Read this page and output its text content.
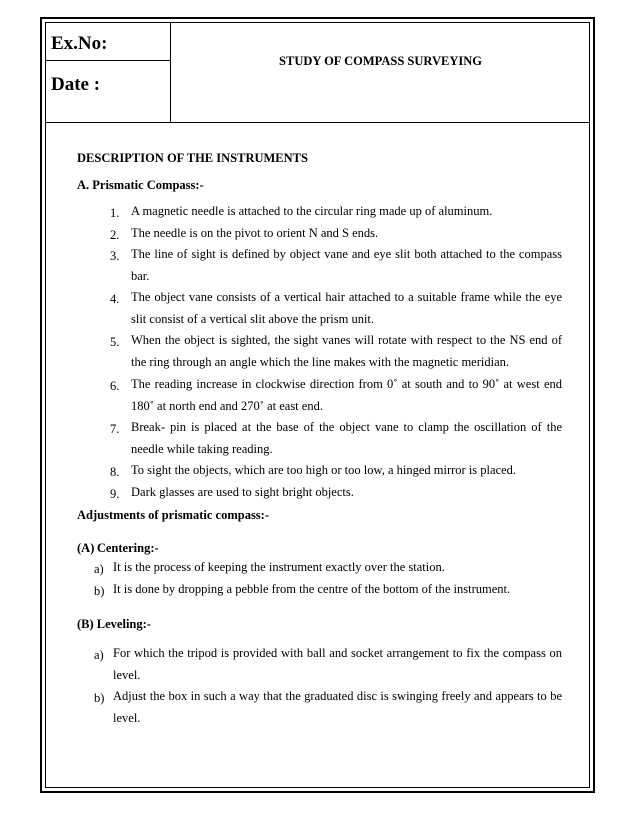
Ex.No:
Date :
STUDY OF COMPASS SURVEYING
DESCRIPTION OF THE INSTRUMENTS
A. Prismatic Compass:-
1. A magnetic needle is attached to the circular ring made up of aluminum.
2. The needle is on the pivot to orient N and S ends.
3. The line of sight is defined by object vane and eye slit both attached to the compass bar.
4. The object vane consists of a vertical hair attached to a suitable frame while the eye slit consist of a vertical slit above the prism unit.
5. When the object is sighted, the sight vanes will rotate with respect to the NS end of the ring through an angle which the line makes with the magnetic meridian.
6. The reading increase in clockwise direction from 0˚ at south and to 90˚ at west end 180˚ at north end and 270˚ at east end.
7. Break- pin is placed at the base of the object vane to clamp the oscillation of the needle while taking reading.
8. To sight the objects, which are too high or too low, a hinged mirror is placed.
9. Dark glasses are used to sight bright objects.
Adjustments of prismatic compass:-
(A) Centering:-
a) It is the process of keeping the instrument exactly over the station.
b) It is done by dropping a pebble from the centre of the bottom of the instrument.
(B) Leveling:-
a) For which the tripod is provided with ball and socket arrangement to fix the compass on level.
b) Adjust the box in such a way that the graduated disc is swinging freely and appears to be level.
